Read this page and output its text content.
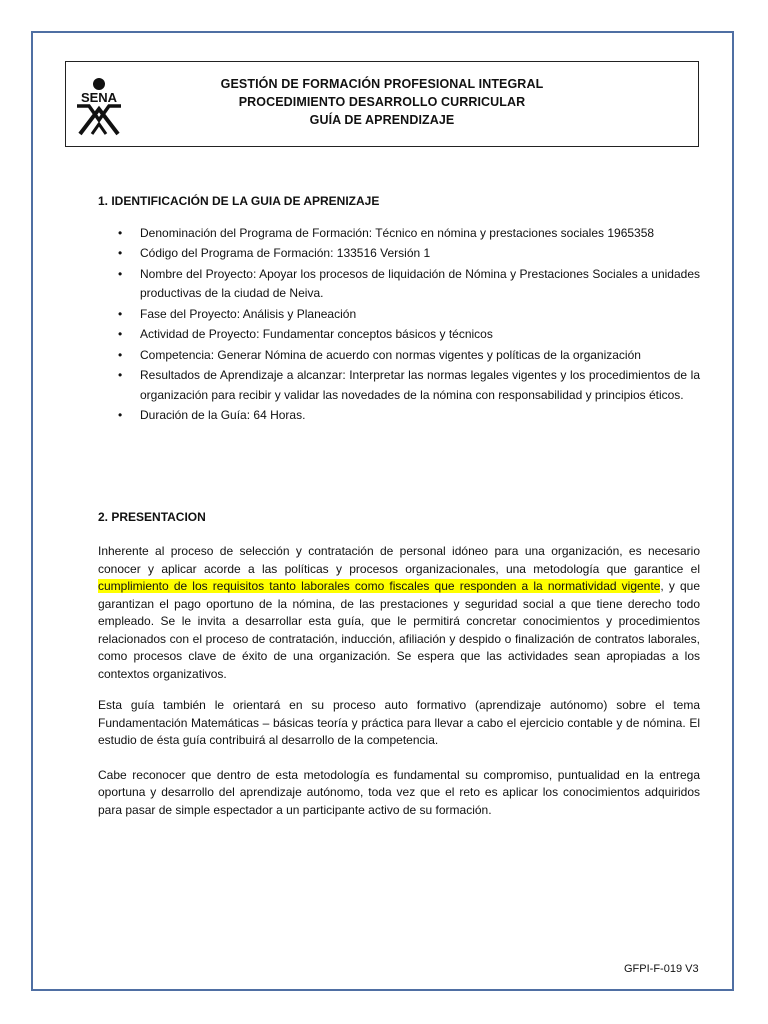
SENA
GESTIÓN DE FORMACIÓN PROFESIONAL INTEGRAL
PROCEDIMIENTO DESARROLLO CURRICULAR
GUÍA DE APRENDIZAJE
1. IDENTIFICACIÓN DE LA GUIA DE APRENIZAJE
• Denominación del Programa de Formación: Técnico en nómina y prestaciones sociales 1965358
• Código del Programa de Formación: 133516 Versión 1
• Nombre del Proyecto: Apoyar los procesos de liquidación de Nómina y Prestaciones Sociales a unidades productivas de la ciudad de Neiva.
• Fase del Proyecto: Análisis y Planeación
• Actividad de Proyecto: Fundamentar conceptos básicos y técnicos
• Competencia: Generar Nómina de acuerdo con normas vigentes y políticas de la organización
• Resultados de Aprendizaje a alcanzar: Interpretar las normas legales vigentes y los procedimientos de la organización para recibir y validar las novedades de la nómina con responsabilidad y principios éticos.
• Duración de la Guía: 64 Horas.
2. PRESENTACION

Inherente al proceso de selección y contratación de personal idóneo para una organización, es necesario conocer y aplicar acorde a las políticas y procesos organizacionales, una metodología que garantice el cumplimiento de los requisitos tanto laborales como fiscales que responden a la normatividad vigente, y que garantizan el pago oportuno de la nómina, de las prestaciones y seguridad social a que tiene derecho todo empleado. Se le invita a desarrollar esta guía, que le permitirá concretar conocimientos y procedimientos relacionados con el proceso de contratación, inducción, afiliación y despido o finalización de contratos laborales, como procesos clave de éxito de una organización. Se espera que las actividades sean apropiadas a los contextos organizativos.

Esta guía también le orientará en su proceso auto formativo (aprendizaje autónomo) sobre el tema Fundamentación Matemáticas – básicas teoría y práctica para llevar a cabo el ejercicio contable y de nómina. El estudio de ésta guía contribuirá al desarrollo de la competencia.

Cabe reconocer que dentro de esta metodología es fundamental su compromiso, puntualidad en la entrega oportuna y desarrollo del aprendizaje autónomo, toda vez que el reto es aplicar los conocimientos adquiridos para pasar de simple espectador a un participante activo de su formación.

GFPI-F-019 V3
